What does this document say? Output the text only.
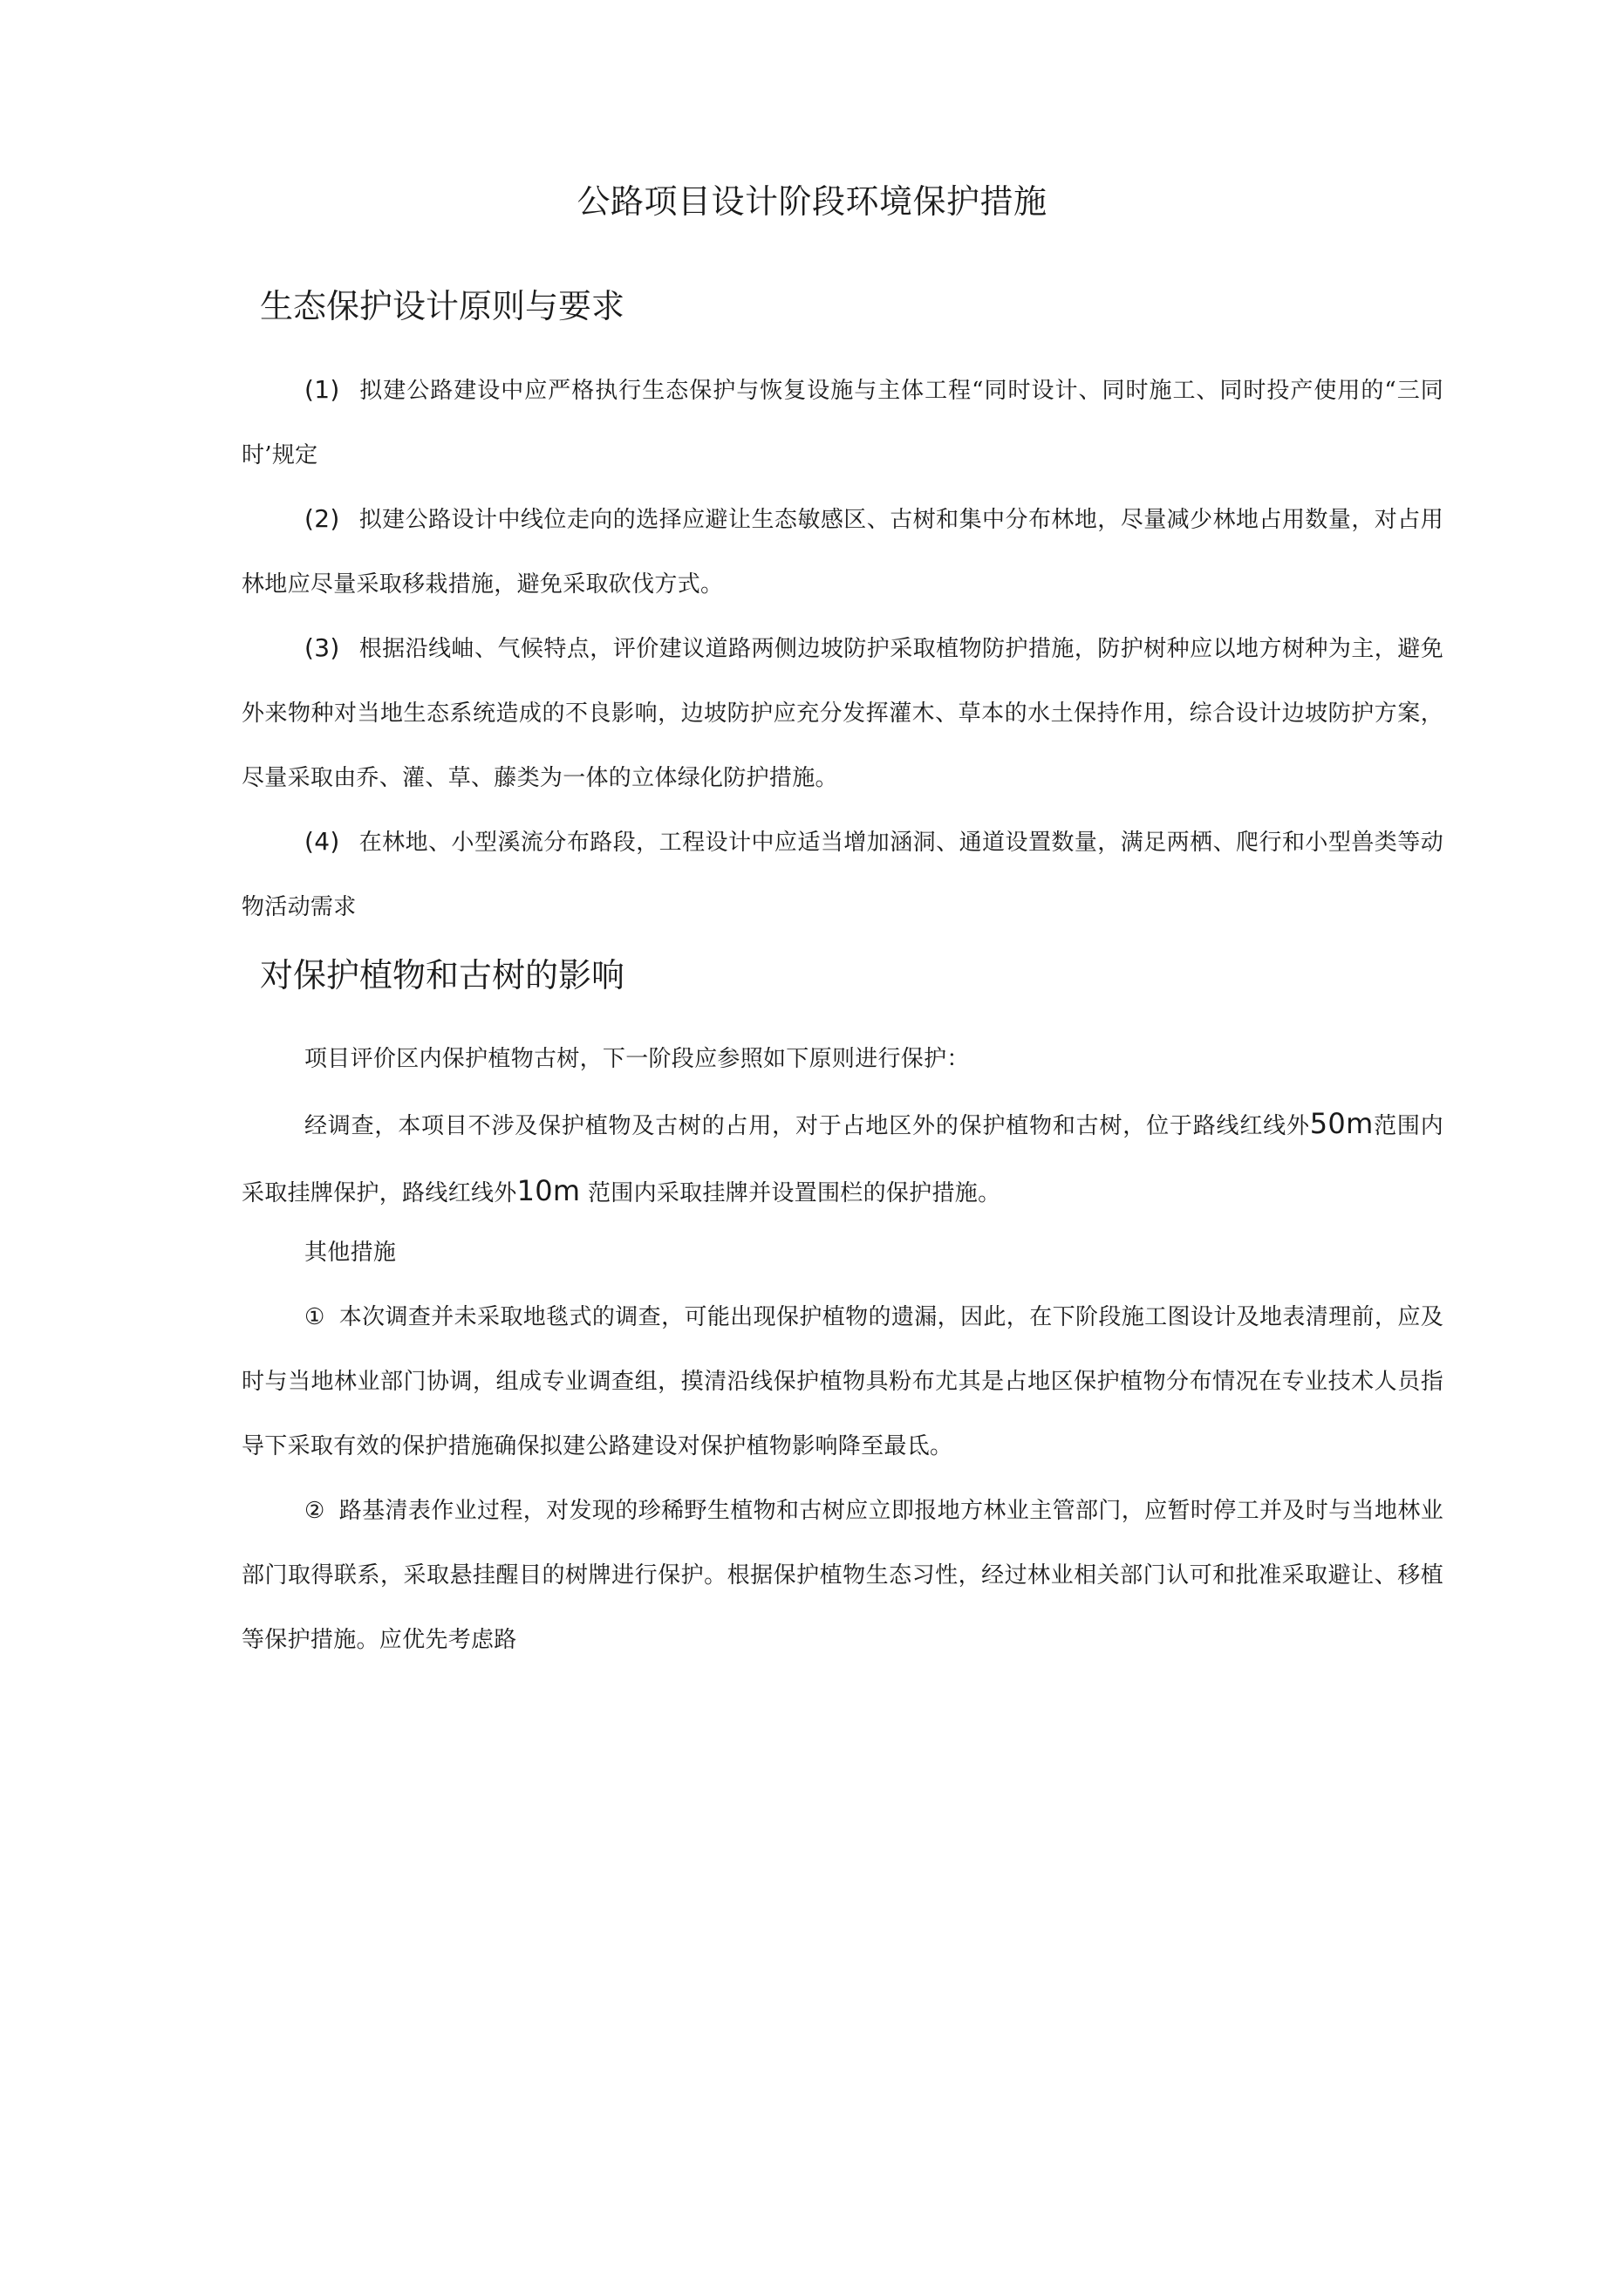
公路项目设计阶段环境保护措施
生态保护设计原则与要求

(1) 拟建公路建设中应严格执行生态保护与恢复设施与主体工程“同时设计、同时施工、同时投产使用的“三同时’规定

(2) 拟建公路设计中线位走向的选择应避让生态敏感区、古树和集中分布林地，尽量减少林地占用数量，对占用林地应尽量采取移栽措施，避免采取砍伐方式。

(3) 根据沿线岫、气候特点，评价建议道路两侧边坡防护采取植物防护措施，防护树种应以地方树种为主，避免外来物种对当地生态系统造成的不良影响，边坡防护应充分发挥灌木、草本的水土保持作用，综合设计边坡防护方案，尽量采取由乔、灌、草、藤类为一体的立体绿化防护措施。

(4) 在林地、小型溪流分布路段，工程设计中应适当增加涵洞、通道设置数量，满足两栖、爬行和小型兽类等动物活动需求

对保护植物和古树的影响

项目评价区内保护植物古树，下一阶段应参照如下原则进行保护：

经调查，本项目不涉及保护植物及古树的占用，对于占地区外的保护植物和古树，位于路线红线外50m范围内采取挂牌保护，路线红线外10m 范围内采取挂牌并设置围栏的保护措施。

其他措施

① 本次调查并未采取地毯式的调查，可能出现保护植物的遗漏，因此，在下阶段施工图设计及地表清理前，应及时与当地林业部门协调，组成专业调查组，摸清沿线保护植物具粉布尤其是占地区保护植物分布情况在专业技术人员指导下采取有效的保护措施确保拟建公路建设对保护植物影响降至最氐。

② 路基清表作业过程，对发现的珍稀野生植物和古树应立即报地方林业主管部门，应暂时停工并及时与当地林业部门取得联系，采取悬挂醒目的树牌进行保护。根据保护植物生态习性，经过林业相关部门认可和批准采取避让、移植等保护措施。应优先考虑路
